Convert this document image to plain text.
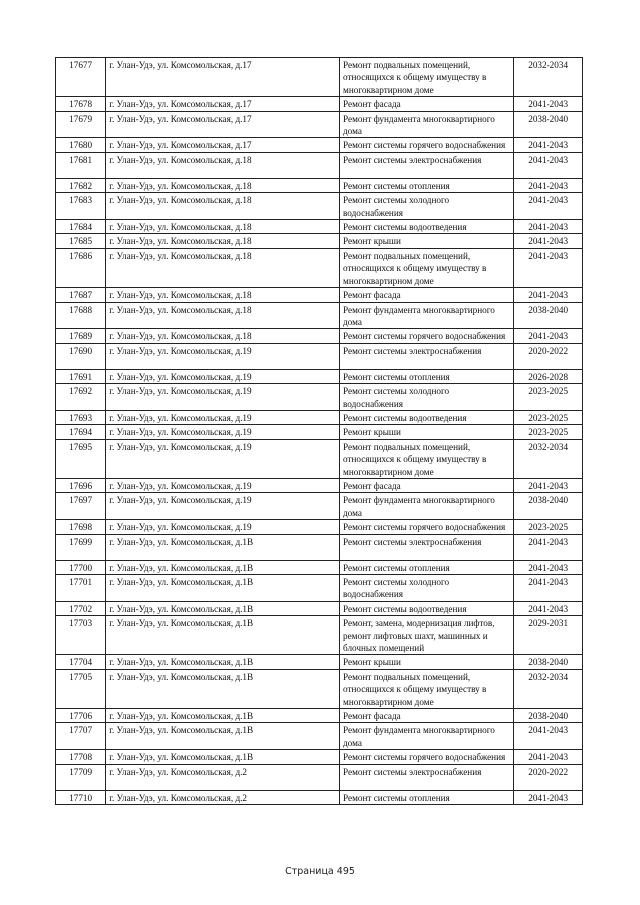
17677	г. Улан-Удэ, ул. Комсомольская, д.17	Ремонт подвальных помещений, относящихся к общему имуществу в многоквартирном доме	2032-2034
17678	г. Улан-Удэ, ул. Комсомольская, д.17	Ремонт фасада	2041-2043
17679	г. Улан-Удэ, ул. Комсомольская, д.17	Ремонт фундамента многоквартирного дома	2038-2040
17680	г. Улан-Удэ, ул. Комсомольская, д.17	Ремонт системы горячего водоснабжения	2041-2043
17681	г. Улан-Удэ, ул. Комсомольская, д.18	Ремонт системы электроснабжения	2041-2043
17682	г. Улан-Удэ, ул. Комсомольская, д.18	Ремонт системы отопления	2041-2043
17683	г. Улан-Удэ, ул. Комсомольская, д.18	Ремонт системы холодного водоснабжения	2041-2043
17684	г. Улан-Удэ, ул. Комсомольская, д.18	Ремонт системы водоотведения	2041-2043
17685	г. Улан-Удэ, ул. Комсомольская, д.18	Ремонт крыши	2041-2043
17686	г. Улан-Удэ, ул. Комсомольская, д.18	Ремонт подвальных помещений, относящихся к общему имуществу в многоквартирном доме	2041-2043
17687	г. Улан-Удэ, ул. Комсомольская, д.18	Ремонт фасада	2041-2043
17688	г. Улан-Удэ, ул. Комсомольская, д.18	Ремонт фундамента многоквартирного дома	2038-2040
17689	г. Улан-Удэ, ул. Комсомольская, д.18	Ремонт системы горячего водоснабжения	2041-2043
17690	г. Улан-Удэ, ул. Комсомольская, д.19	Ремонт системы электроснабжения	2020-2022
17691	г. Улан-Удэ, ул. Комсомольская, д.19	Ремонт системы отопления	2026-2028
17692	г. Улан-Удэ, ул. Комсомольская, д.19	Ремонт системы холодного водоснабжения	2023-2025
17693	г. Улан-Удэ, ул. Комсомольская, д.19	Ремонт системы водоотведения	2023-2025
17694	г. Улан-Удэ, ул. Комсомольская, д.19	Ремонт крыши	2023-2025
17695	г. Улан-Удэ, ул. Комсомольская, д.19	Ремонт подвальных помещений, относящихся к общему имуществу в многоквартирном доме	2032-2034
17696	г. Улан-Удэ, ул. Комсомольская, д.19	Ремонт фасада	2041-2043
17697	г. Улан-Удэ, ул. Комсомольская, д.19	Ремонт фундамента многоквартирного дома	2038-2040
17698	г. Улан-Удэ, ул. Комсомольская, д.19	Ремонт системы горячего водоснабжения	2023-2025
17699	г. Улан-Удэ, ул. Комсомольская, д.1В	Ремонт системы электроснабжения	2041-2043
17700	г. Улан-Удэ, ул. Комсомольская, д.1В	Ремонт системы отопления	2041-2043
17701	г. Улан-Удэ, ул. Комсомольская, д.1В	Ремонт системы холодного водоснабжения	2041-2043
17702	г. Улан-Удэ, ул. Комсомольская, д.1В	Ремонт системы водоотведения	2041-2043
17703	г. Улан-Удэ, ул. Комсомольская, д.1В	Ремонт, замена, модернизация лифтов, ремонт лифтовых шахт, машинных и блочных помещений	2029-2031
17704	г. Улан-Удэ, ул. Комсомольская, д.1В	Ремонт крыши	2038-2040
17705	г. Улан-Удэ, ул. Комсомольская, д.1В	Ремонт подвальных помещений, относящихся к общему имуществу в многоквартирном доме	2032-2034
17706	г. Улан-Удэ, ул. Комсомольская, д.1В	Ремонт фасада	2038-2040
17707	г. Улан-Удэ, ул. Комсомольская, д.1В	Ремонт фундамента многоквартирного дома	2041-2043
17708	г. Улан-Удэ, ул. Комсомольская, д.1В	Ремонт системы горячего водоснабжения	2041-2043
17709	г. Улан-Удэ, ул. Комсомольская, д.2	Ремонт системы электроснабжения	2020-2022
17710	г. Улан-Удэ, ул. Комсомольская, д.2	Ремонт системы отопления	2041-2043
Страница 495
